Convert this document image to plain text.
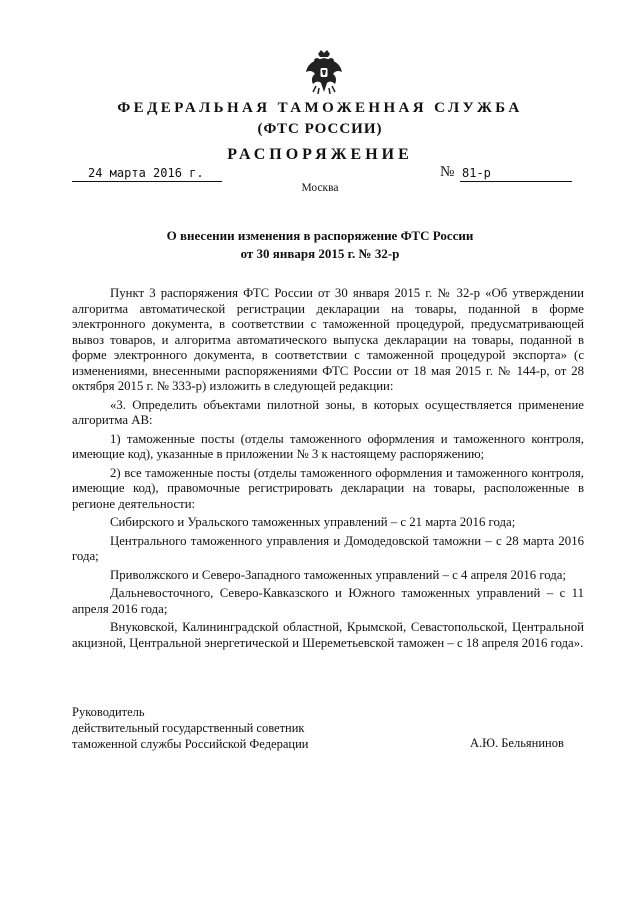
ФЕДЕРАЛЬНАЯ ТАМОЖЕННАЯ СЛУЖБА
(ФТС РОССИИ)
РАСПОРЯЖЕНИЕ
24 марта 2016 г.	№ 81-р
Москва
О внесении изменения в распоряжение ФТС России
от 30 января 2015 г. № 32-р

Пункт 3 распоряжения ФТС России от 30 января 2015 г. № 32-р «Об утверждении алгоритма автоматической регистрации декларации на товары, поданной в форме электронного документа, в соответствии с таможенной процедурой, предусматривающей вывоз товаров, и алгоритма автоматического выпуска декларации на товары, поданной в форме электронного документа, в соответствии с таможенной процедурой экспорта» (с изменениями, внесенными распоряжениями ФТС России от 18 мая 2015 г. № 144-р, от 28 октября 2015 г. № 333-р) изложить в следующей редакции:

«3. Определить объектами пилотной зоны, в которых осуществляется применение алгоритма АВ:

1) таможенные посты (отделы таможенного оформления и таможенного контроля, имеющие код), указанные в приложении № 3 к настоящему распоряжению;

2) все таможенные посты (отделы таможенного оформления и таможенного контроля, имеющие код), правомочные регистрировать декларации на товары, расположенные в регионе деятельности:

Сибирского и Уральского таможенных управлений – с 21 марта 2016 года;

Центрального таможенного управления и Домодедовской таможни – с 28 марта 2016 года;

Приволжского и Северо-Западного таможенных управлений – с 4 апреля 2016 года;

Дальневосточного, Северо-Кавказского и Южного таможенных управлений – с 11 апреля 2016 года;

Внуковской, Калининградской областной, Крымской, Севастопольской, Центральной акцизной, Центральной энергетической и Шереметьевской таможен – с 18 апреля 2016 года».

Руководитель
действительный государственный советник
таможенной службы Российской Федерации	А.Ю. Бельянинов
